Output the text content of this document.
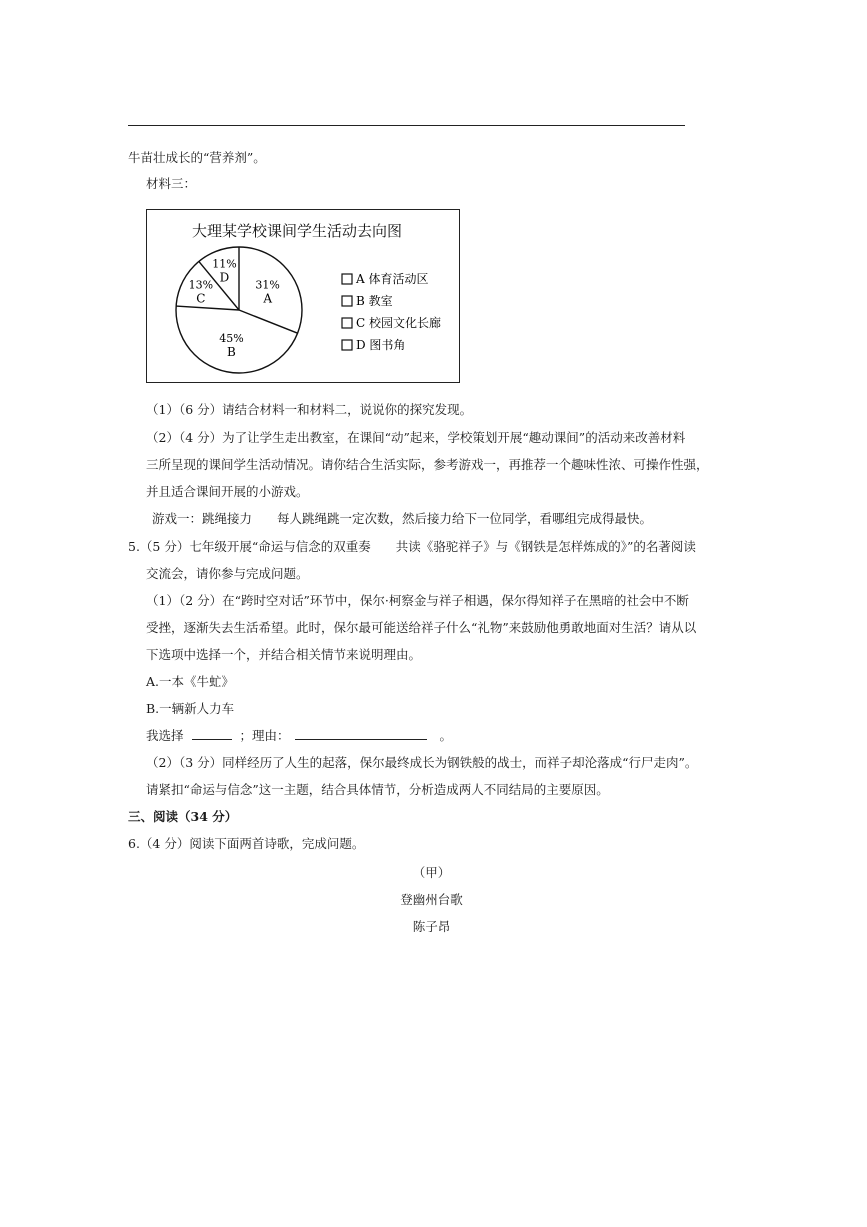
牛苗壮成长的“营养剂”。
材料三：
大理某学校课间学生活动去向图
31%
A
45%
B
13%
C
11%
D	A 体育活动区
B 教室
C 校园文化长廊
D 图书角
（1）（6 分）请结合材料一和材料二，说说你的探究发现。
（2）（4 分）为了让学生走出教室，在课间“动”起来，学校策划开展“趣动课间”的活动来改善材料
三所呈现的课间学生活动情况。请你结合生活实际，参考游戏一，再推荐一个趣味性浓、可操作性强，
并且适合课间开展的小游戏。
游戏一：跳绳接力　　每人跳绳跳一定次数，然后接力给下一位同学，看哪组完成得最快。
5.（5 分）七年级开展“命运与信念的双重奏　　共读《骆驼祥子》与《钢铁是怎样炼成的》”的名著阅读
交流会，请你参与完成问题。
（1）（2 分）在“跨时空对话”环节中，保尔·柯察金与祥子相遇，保尔得知祥子在黑暗的社会中不断
受挫，逐渐失去生活希望。此时，保尔最可能送给祥子什么“礼物”来鼓励他勇敢地面对生活？请从以
下选项中选择一个，并结合相关情节来说明理由。
A.一本《牛虻》
B.一辆新人力车
我选择	；理由：	。
（2）（3 分）同样经历了人生的起落，保尔最终成长为钢铁般的战士，而祥子却沦落成“行尸走肉”。
请紧扣“命运与信念”这一主题，结合具体情节，分析造成两人不同结局的主要原因。
三、阅读（34 分）
6.（4 分）阅读下面两首诗歌，完成问题。
（甲）
登幽州台歌
陈子昂
